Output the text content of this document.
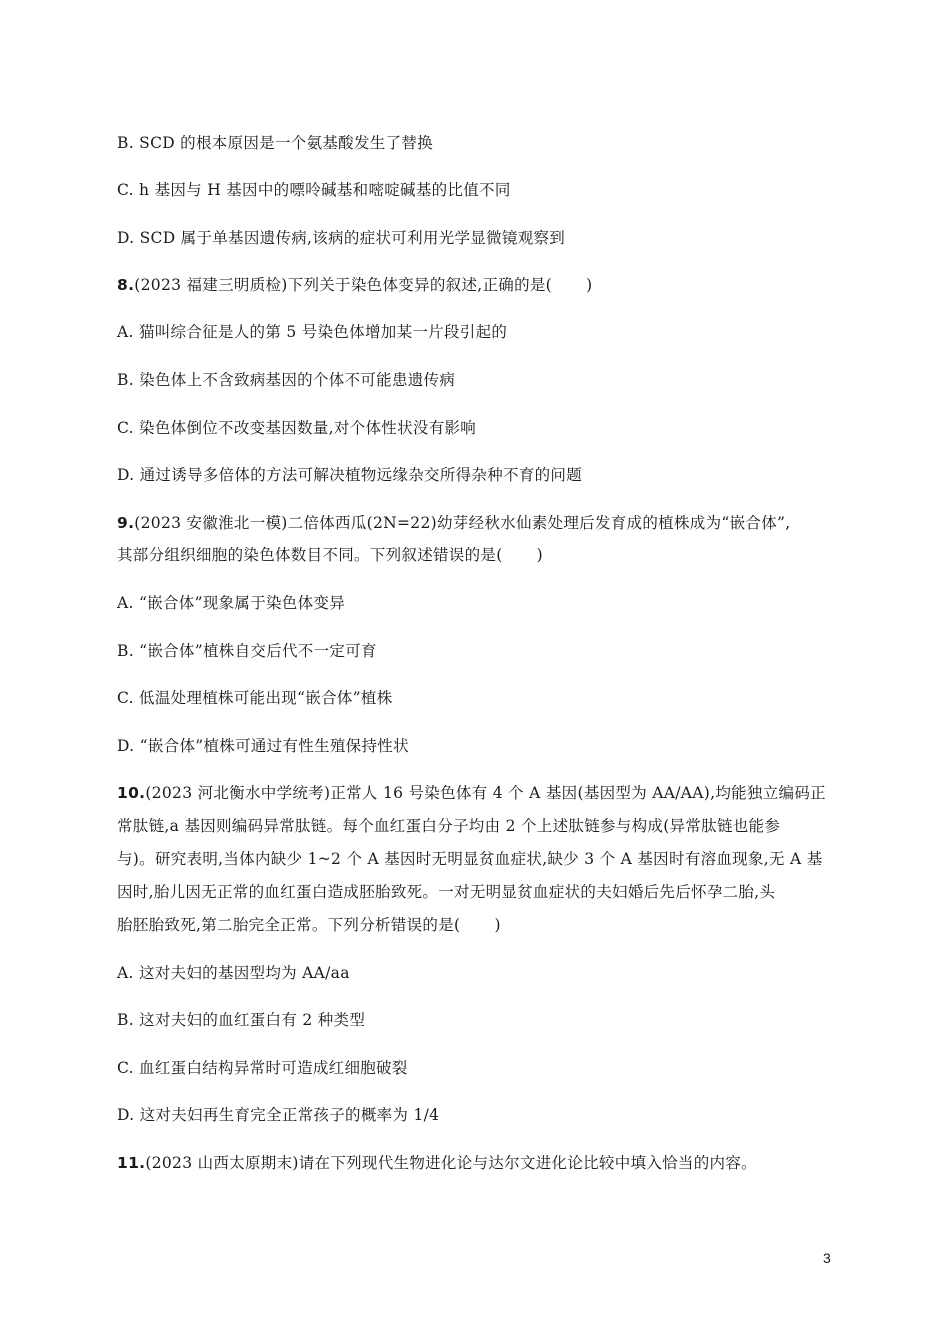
B. SCD 的根本原因是一个氨基酸发生了替换
C. h 基因与 H 基因中的嘌呤碱基和嘧啶碱基的比值不同
D. SCD 属于单基因遗传病,该病的症状可利用光学显微镜观察到
8.(2023 福建三明质检)下列关于染色体变异的叙述,正确的是( )
A. 猫叫综合征是人的第 5 号染色体增加某一片段引起的
B. 染色体上不含致病基因的个体不可能患遗传病
C. 染色体倒位不改变基因数量,对个体性状没有影响
D. 通过诱导多倍体的方法可解决植物远缘杂交所得杂种不育的问题
9.(2023 安徽淮北一模)二倍体西瓜(2N=22)幼芽经秋水仙素处理后发育成的植株成为“嵌合体”,
其部分组织细胞的染色体数目不同。下列叙述错误的是( )
A. “嵌合体”现象属于染色体变异
B. “嵌合体”植株自交后代不一定可育
C. 低温处理植株可能出现“嵌合体”植株
D. “嵌合体”植株可通过有性生殖保持性状
10.(2023 河北衡水中学统考)正常人 16 号染色体有 4 个 A 基因(基因型为 AA/AA),均能独立编码正
常肽链,a 基因则编码异常肽链。每个血红蛋白分子均由 2 个上述肽链参与构成(异常肽链也能参
与)。研究表明,当体内缺少 1~2 个 A 基因时无明显贫血症状,缺少 3 个 A 基因时有溶血现象,无 A 基
因时,胎儿因无正常的血红蛋白造成胚胎致死。一对无明显贫血症状的夫妇婚后先后怀孕二胎,头
胎胚胎致死,第二胎完全正常。下列分析错误的是( )
A. 这对夫妇的基因型均为 AA/aa
B. 这对夫妇的血红蛋白有 2 种类型
C. 血红蛋白结构异常时可造成红细胞破裂
D. 这对夫妇再生育完全正常孩子的概率为 1/4
11.(2023 山西太原期末)请在下列现代生物进化论与达尔文进化论比较中填入恰当的内容。
3
